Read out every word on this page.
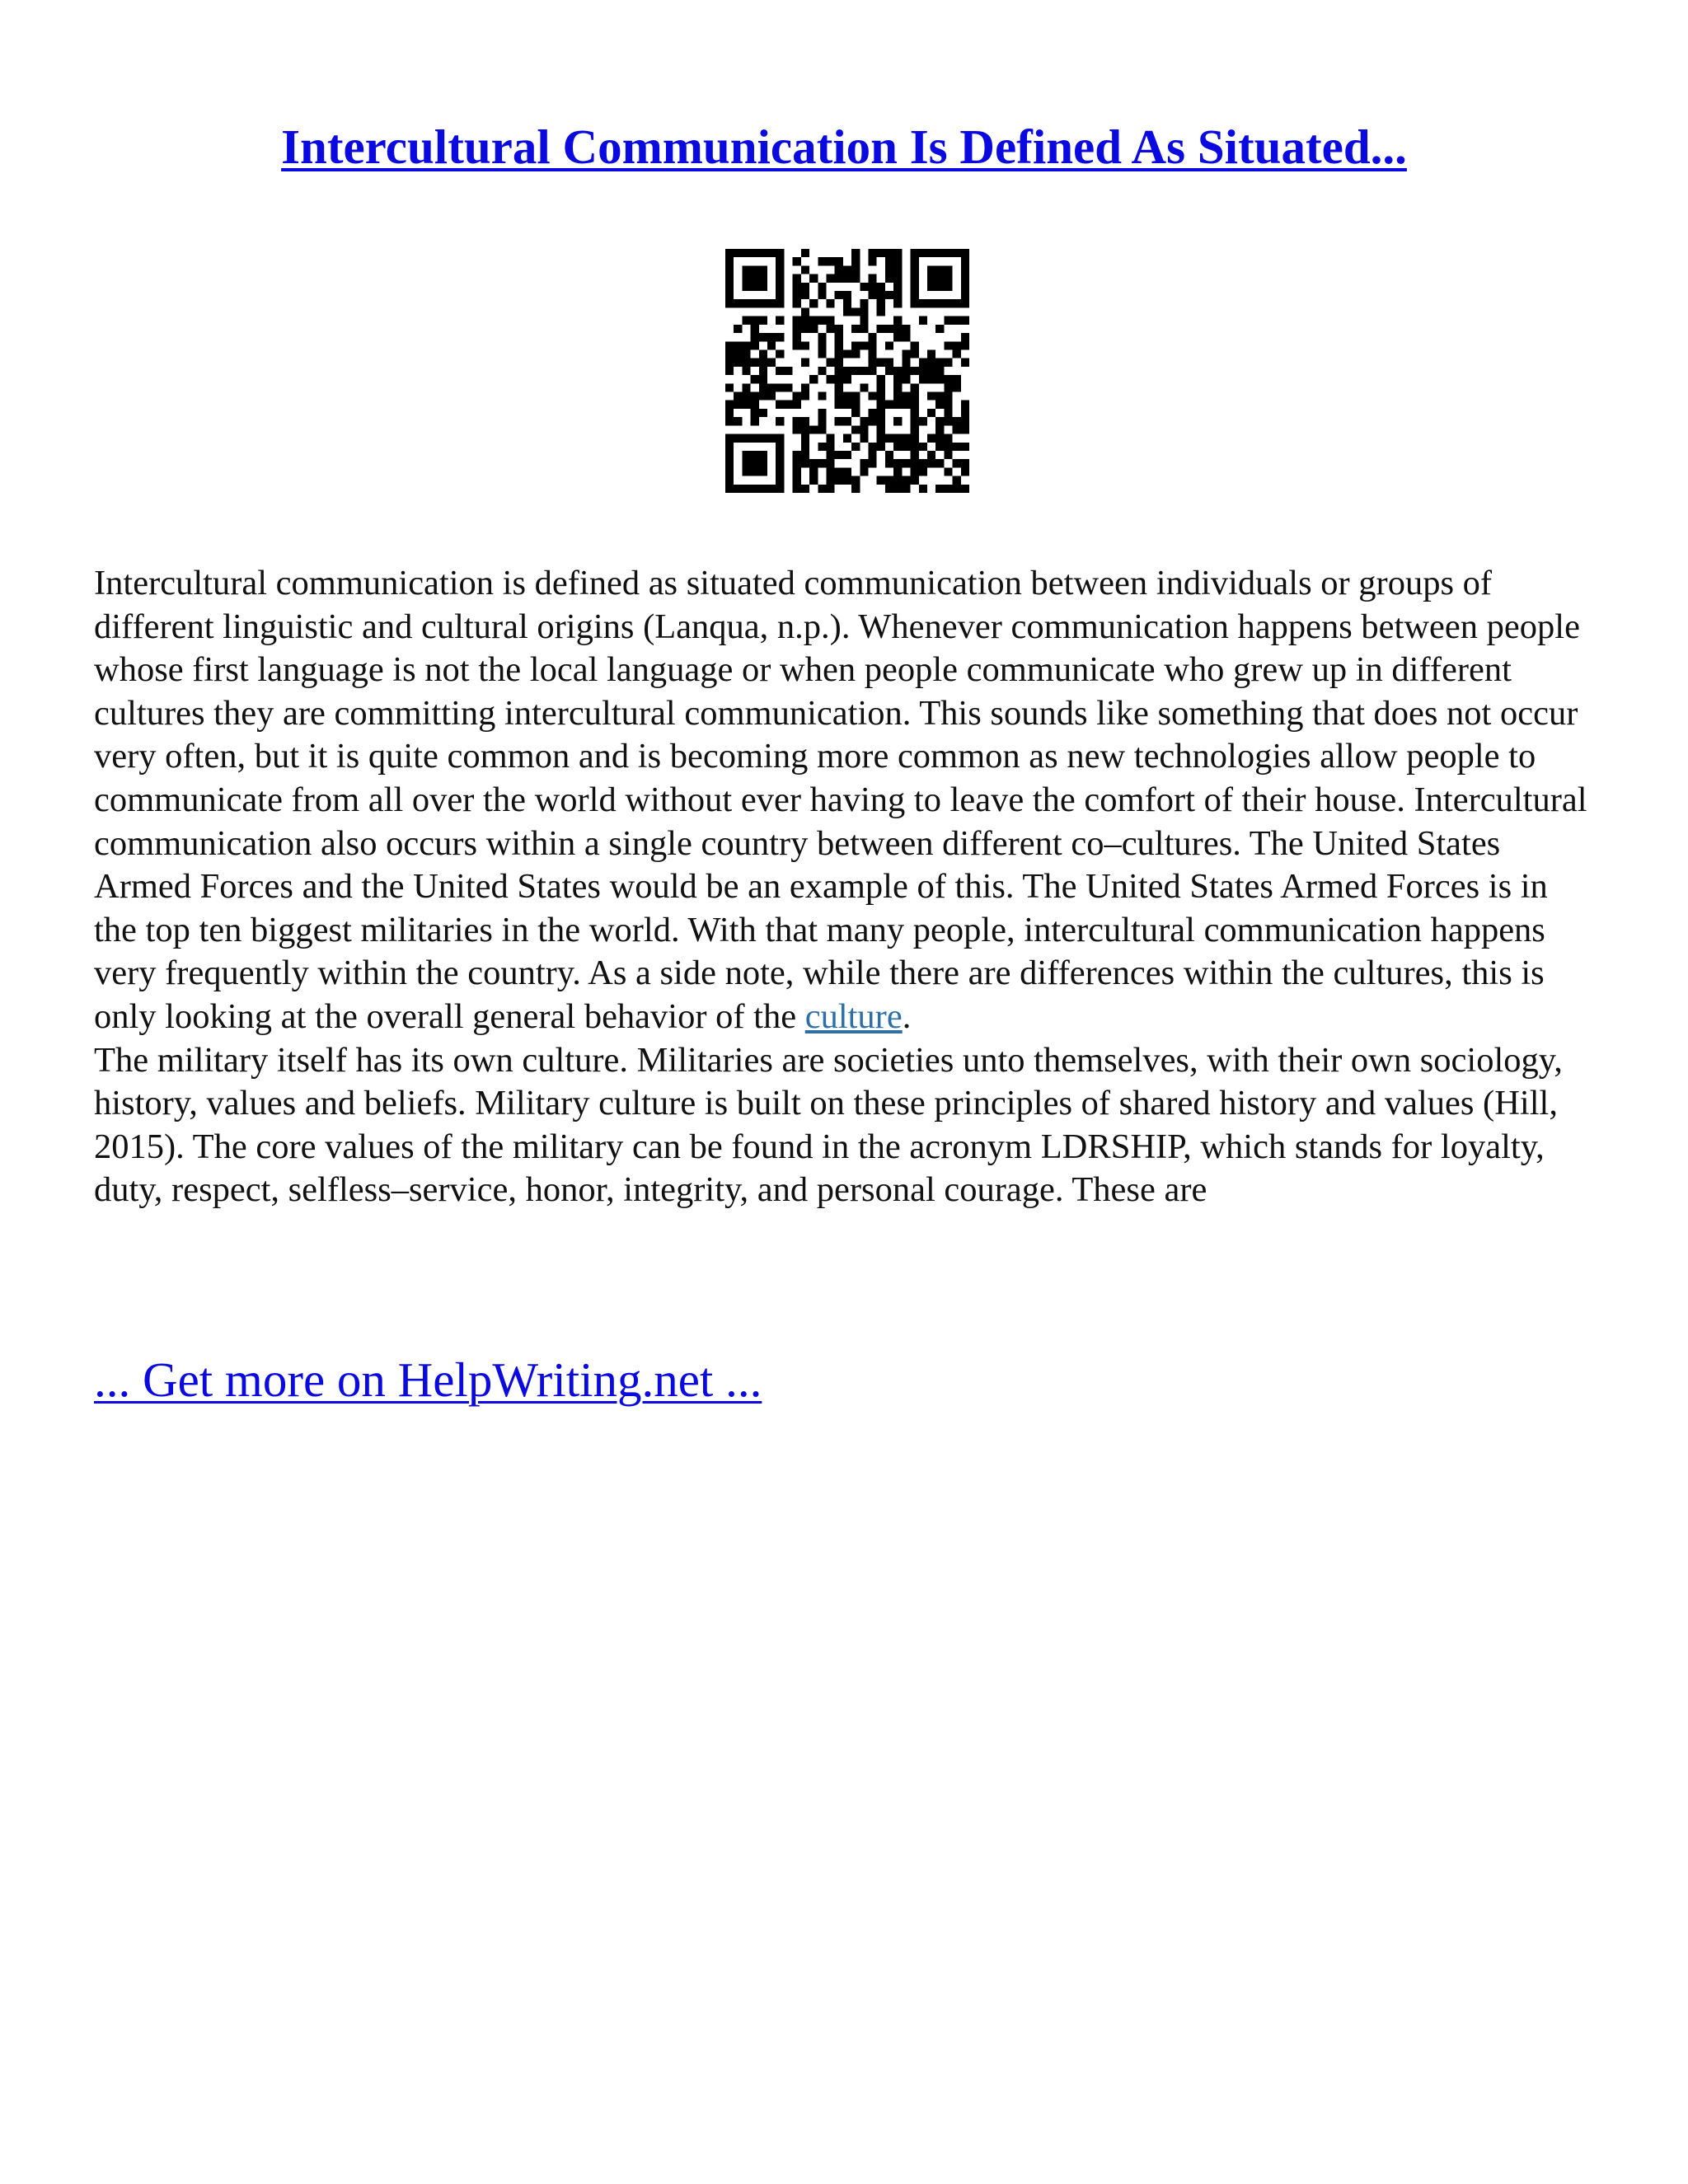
Intercultural Communication Is Defined As Situated...

Intercultural communication is defined as situated communication between individuals or groups of different linguistic and cultural origins (Lanqua, n.p.). Whenever communication happens between people whose first language is not the local language or when people communicate who grew up in different cultures they are committing intercultural communication. This sounds like something that does not occur very often, but it is quite common and is becoming more common as new technologies allow people to communicate from all over the world without ever having to leave the comfort of their house. Intercultural communication also occurs within a single country between different co–cultures. The United States Armed Forces and the United States would be an example of this. The United States Armed Forces is in the top ten biggest militaries in the world. With that many people, intercultural communication happens very frequently within the country. As a side note, while there are differences within the cultures, this is only looking at the overall general behavior of the culture.

The military itself has its own culture. Militaries are societies unto themselves, with their own sociology, history, values and beliefs. Military culture is built on these principles of shared history and values (Hill, 2015). The core values of the military can be found in the acronym LDRSHIP, which stands for loyalty, duty, respect, selfless–service, honor, integrity, and personal courage. These are

... Get more on HelpWriting.net ...
